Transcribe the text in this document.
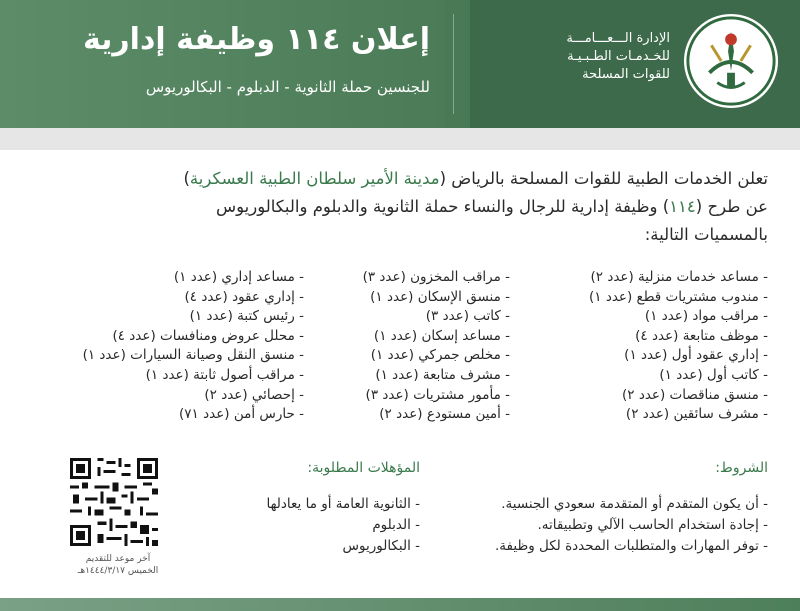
إعلان ١١٤ وظيفة إدارية
للجنسين حملة الثانوية - الدبلوم - البكالوريوس
الإدارة الـــعـــامـــة
للخـدمـات الطـبـيـة
للقوات المسلحة
تعلن الخدمات الطبية للقوات المسلحة بالرياض (مدينة الأمير سلطان الطبية العسكرية)
عن طرح (١١٤) وظيفة إدارية للرجال والنساء حملة الثانوية والدبلوم والبكالوريوس
بالمسميات التالية:
- مساعد خدمات منزلية (عدد ٢)
- مندوب مشتريات قطع (عدد ١)
- مراقب مواد (عدد ١)
- موظف متابعة (عدد ٤)
- إداري عقود أول (عدد ١)
- كاتب أول (عدد ١)
- منسق مناقصات (عدد ٢)
- مشرف سائقين (عدد ٢)
- مراقب المخزون (عدد ٣)
- منسق الإسكان (عدد ١)
- كاتب (عدد ٣)
- مساعد إسكان (عدد ١)
- مخلص جمركي (عدد ١)
- مشرف متابعة (عدد ١)
- مأمور مشتريات (عدد ٣)
- أمين مستودع (عدد ٢)
- مساعد إداري (عدد ١)
- إداري عقود (عدد ٤)
- رئيس كتبة (عدد ١)
- محلل عروض ومنافسات (عدد ٤)
- منسق النقل وصيانة السيارات (عدد ١)
- مراقب أصول ثابتة (عدد ١)
- إحصائي (عدد ٢)
- حارس أمن (عدد ٧١)
الشروط:
- أن يكون المتقدم أو المتقدمة سعودي الجنسية.
- إجادة استخدام الحاسب الآلي وتطبيقاته.
- توفر المهارات والمتطلبات المحددة لكل وظيفة.
المؤهلات المطلوبة:
- الثانوية العامة أو ما يعادلها
- الدبلوم
- البكالوريوس
آخر موعد للتقديم
الخميس ١٤٤٤/٣/١٧هـ
